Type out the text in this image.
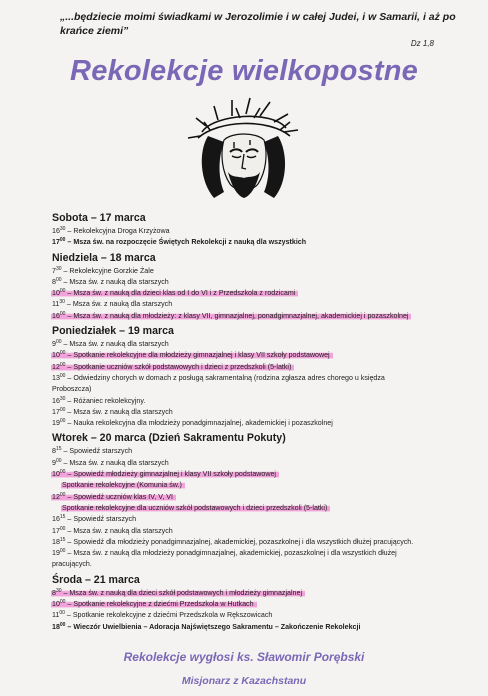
„...będziecie moimi świadkami w Jerozolimie i w całej Judei, i w Samarii, i aż po krańce ziemi”
Dz 1,8
Rekolekcje wielkopostne
Sobota – 17 marca
$16^{30}$ – Rekolekcyjna Droga Krzyżowa
$17^{00}$ – Msza św. na rozpoczęcie Świętych Rekolekcji z nauką dla wszystkich
Niedziela – 18 marca
$7^{30}$ – Rekolekcyjne Gorzkie Żale
$8^{00}$ – Msza św. z nauką dla starszych
$10^{00}$ – Msza św. z nauką dla dzieci klas od I do VI i z Przedszkola z rodzicami
$11^{30}$ – Msza św. z nauką dla starszych
$16^{00}$ – Msza św. z nauką dla młodzieży: z klasy VII, gimnazjalnej, ponadgimnazjalnej, akademickiej i pozaszkolnej
Poniedziałek – 19 marca
$9^{00}$ – Msza św. z nauką dla starszych
$10^{00}$ – Spotkanie rekolekcyjne dla młodzieży gimnazjalnej i klasy VII szkoły podstawowej
$12^{00}$ – Spotkanie uczniów szkół podstawowych i dzieci z przedszkoli (5-latki)
$13^{00}$ – Odwiedziny chorych w domach z posługą sakramentalną (rodzina zgłasza adres chorego u księdza Proboszcza)
$16^{30}$ – Różaniec rekolekcyjny.
$17^{00}$ – Msza św. z nauką dla starszych
$19^{00}$ – Nauka rekolekcyjna dla młodzieży ponadgimnazjalnej, akademickiej i pozaszkolnej
Wtorek – 20 marca (Dzień Sakramentu Pokuty)
$8^{15}$ – Spowiedź starszych
$9^{00}$ – Msza św. z nauką dla starszych
$10^{00}$ – Spowiedź młodzieży gimnazjalnej i klasy VII szkoły podstawowej
Spotkanie rekolekcyjne (Komunia św.)
$12^{00}$ – Spowiedź uczniów klas IV, V, VI
Spotkanie rekolekcyjne dla uczniów szkół podstawowych i dzieci przedszkoli (5-latki)
$16^{15}$ – Spowiedź starszych
$17^{00}$ – Msza św. z nauką dla starszych
$18^{15}$ – Spowiedź dla młodzieży ponadgimnazjalnej, akademickiej, pozaszkolnej i dla wszystkich dłużej pracujących.
$19^{00}$ – Msza św. z nauką dla młodzieży ponadgimnazjalnej, akademickiej, pozaszkolnej i dla wszystkich dłużej pracujących.
Środa – 21 marca
$8^{30}$ – Msza św. z nauką dla dzieci szkół podstawowych i młodzieży gimnazjalnej
$10^{00}$ – Spotkanie rekolekcyjne z dziećmi Przedszkola w Hutkach
$11^{00}$ – Spotkanie rekolekcyjne z dziećmi Przedszkola w Rększowicach
$18^{00}$ – Wieczór Uwielbienia – Adoracja Najświętszego Sakramentu – Zakończenie Rekolekcji
Rekolekcje wygłosi ks. Sławomir Porębski
Misjonarz z Kazachstanu
